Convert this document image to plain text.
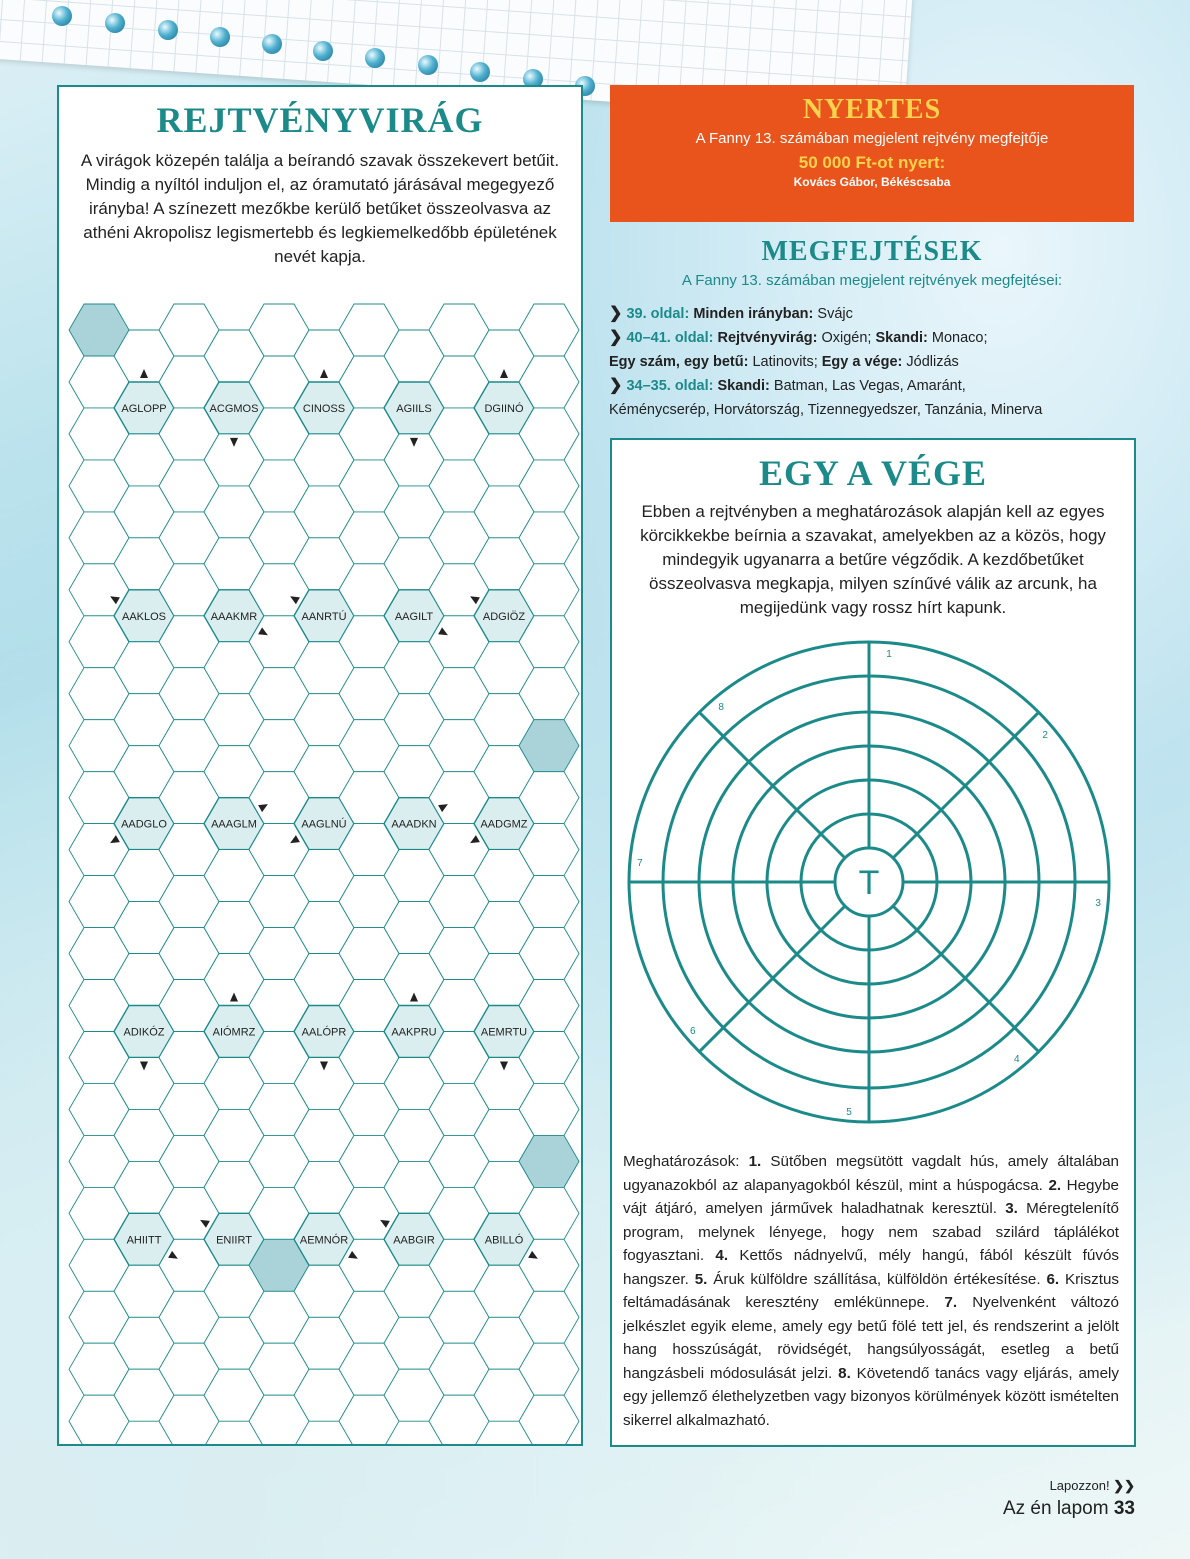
AGLOPP
AAKLOS
AADGLO
ADIKÓZ
AHIITT
ACGMOS
AAAKMR
AAAGLM
AIÓMRZ
ENIIRT
CINOSS
AANRTÚ
AAGLNÚ
AALÓPR
AEMNÓR
AGIILS
AAGILT
AAADKN
AAKPRU
AABGIR
DGIINÓ
ADGIÖZ
AADGMZ
AEMRTU
ABILLÓ
REJTVÉNYVIRÁG
A virágok közepén találja a beírandó szavak összekevert betűit. Mindig a nyíltól induljon el, az óramutató járásával megegyező irányba! A színezett mezőkbe kerülő betűket összeolvasva az athéni Akropolisz legismertebb és legkiemelkedőbb épületének nevét kapja.
NYERTES
A Fanny 13. számában megjelent rejtvény megfejtője
50 000 Ft-ot nyert:
Kovács Gábor, Békéscsaba
MEGFEJTÉSEK
A Fanny 13. számában megjelent rejtvények megfejtései:
❯ 39. oldal: Minden irányban: Svájc
❯ 40–41. oldal: Rejtvényvirág: Oxigén; Skandi: Monaco;
Egy szám, egy betű: Latinovits; Egy a vége: Jódlizás
❯ 34–35. oldal: Skandi: Batman, Las Vegas, Amaránt,
Kéménycserép, Horvátország, Tizennegyedszer, Tanzánia, Minerva
EGY A VÉGE
Ebben a rejtvényben a meghatározások alapján kell az egyes körcikkekbe beírnia a szavakat, amelyekben az a közös, hogy mindegyik ugyanarra a betűre végződik. A kezdőbetűket összeolvasva megkapja, milyen színűvé válik az arcunk, ha megijedünk vagy rossz hírt kapunk.
T
1
2
3
4
5
6
7
8
Meghatározások: 1. Sütőben megsütött vagdalt hús, amely általában ugyanazokból az alapanyagokból készül, mint a húspogácsa. 2. Hegybe vájt átjáró, amelyen járművek haladhatnak keresztül. 3. Méregtelenítő program, melynek lényege, hogy nem szabad szilárd táplálékot fogyasztani. 4. Kettős nádnyelvű, mély hangú, fából készült fúvós hangszer. 5. Áruk külföldre szállítása, külföldön értékesítése. 6. Krisztus feltámadásának keresztény emlékünnepe. 7. Nyelvenként változó jelkészlet egyik eleme, amely egy betű fölé tett jel, és rendszerint a jelölt hang hosszúságát, rövidségét, hangsúlyosságát, esetleg a betű hangzásbeli módosulását jelzi. 8. Követendő tanács vagy eljárás, amely egy jellemző élethelyzetben vagy bizonyos körülmények között ismételten sikerrel alkalmazható.
Lapozzon! ❯❯
Az én lapom 33
